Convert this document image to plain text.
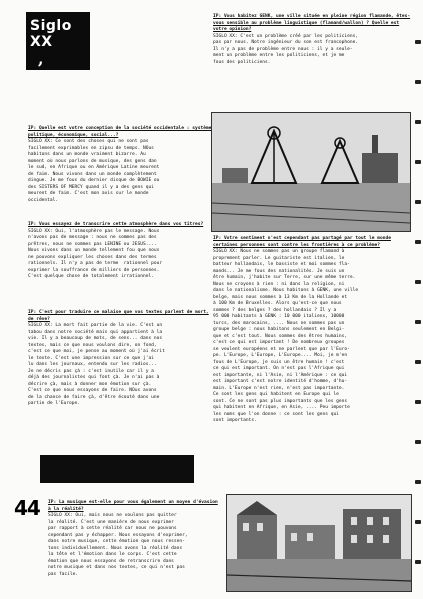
Siglo XX
,
IP: Quelle est votre conception de la société occidentale : système politique, économique, social...?

SIGLO XX: Ce sont des choses qui ne sont pas
facilement exprimables en zipsu de temps. NOus
habitons dans un monde vraiment bizarre. Au
moment où nous parlons de musique, des gens dan
le sud, en Afrique ou en Amérique Latine meurent
de faim. Nous vivons dans un monde complètement
dingue. Je me fous du dernier disque de BOWIE ou
des SISTERS OF MERCY quand il y a des gens qui
meurent de faim. C'est mon avis sur le monde
occidental.

IP: Vous essayez de transcrire cette atmosphère dans vos titres?

SIGLO XX: Oui, l'atmosphère pas le message. Nous
n'avons pas de message : nous ne sommes pas des
prêtres, nous ne sommes pas LENINE ou JESUS....
Nous vivons dans un monde tellement fou que nous
ne pouvons expliquer les choses dans des termes
rationnels. Il n'y a pas de terme  rationnel pour
exprimer la souffrance de milliers de personnes.
C'est quelque chose de totalement irrationnel.

IP: C'est pour traduire ce malaise que vos textes parlent de mort, de rêve?

SIGLO XX: La mort fait partie de la vie. C'est un
tabou dans notre société mais qui appartient à la
vie. Il y a beaucoup de mots, de sens... dans nos
textes, mais ce que nous voulons dire, on fond,
c'est ce que moi, je pense au moment où j'ai écrit
le texte. C'est une impression sur ce que j'ai
lu dans les journaux, entendu sur les radios...
Je ne décris pas çà : c'est inutile car il y a
déjà des journalistes qui font çà. Je n'ai pas à
décrire çà, mais à donner mon émotion sur çà.
C'est ce que nous essayons de faire. NOus avons
de la chance de faire çà, d'être écouté dans une
partie de l'Europe.

44 IP: La musique est-elle pour vous également un moyen d'évasion à la réalité?

SIGLO XX: Oui, mais nous ne voulons pas quitter
la réalité. C'est une manière de nous exprimer
par rapport à cette réalité car nous ne pouvons
cependant pas y échapper. Nous essayons d'exprimer,
dans notre musique, cette émotion que nous ressen-
tons individuellement. Nous avons la réalité dans
la tête et l'émotion dans le corps. C'est cette
émotion que nous essayons de retranscrire dans
notre musique et dans nos textes, ce qui n'est pas
pas facile.

IP: Vous habitez GENK, une ville située en pleine région flamande, êtes-vous sensible au problème linguistique (flamand/wallon) ? Quelle est votre opinion?

SIGLO XX: C'est un problème créé par les politiciens,
pas par nous. Notre ingénieur du son est francophone.
Il n'y a pas de problème entre nous : il y a seule-
ment un problème entre les politiciens, et je me
fous des politiciens.

IP: Votre sentiment n'est cependant pas partagé par tout le monde certaines personnes sont contre les frontières à ce problème?

SIGLO XX: Nous ne sommes pas un groupe flamand à
proprement parler. Le guitariste est italien, le
batteur hollandais, le bassiste et moi sommes fla-
mands... Je me fous des nationalités. Je suis un
être humain, j'habite sur Terre, sur une même terre.
Nous ne croyons à rien : ni dans la religion, ni
dans le nationalisme. Nous habitons à GENK, une ville
belge, mais nous sommes à 13 Km de la Hollande et
à 100 Km de Bruxelles. Alors qu'est-ce que nous
sommes ? des belges ? des hollandais ? Il y a
95 000 habitants à GENK : 10 000 italiens, 10000
turcs, des marocains, .... Nous ne sommes pas un
groupe belge : nous habitons seulement en Belgi-
que et c'est tout. Nous sommes des êtres humains,
c'est ce qui est important ! De nombreux groupes
se veulent européens et ne parlent que par l'Euro-
pe. L'Europe, L'Europe, L'Europe.... Moi, je m'en
fous de L'Europe, je suis un être humain ! c'est
ce qui est important. On n'est pas l'Afrique qui
est importante, ni l'Asie, ni l'Amérique : ce qui
est important c'est notre identité d'homme, d'hu-
main. L'Europe n'est rien, n'est pas importante.
Ce sont les gens qui habitent en Europe qui le
sont. Ce ne sont pas plus importants que les gens
qui habitent en Afrique, en Asie, .... Peu importe
les noms que l'on donne : ce sont les gens qui
sont importants.
